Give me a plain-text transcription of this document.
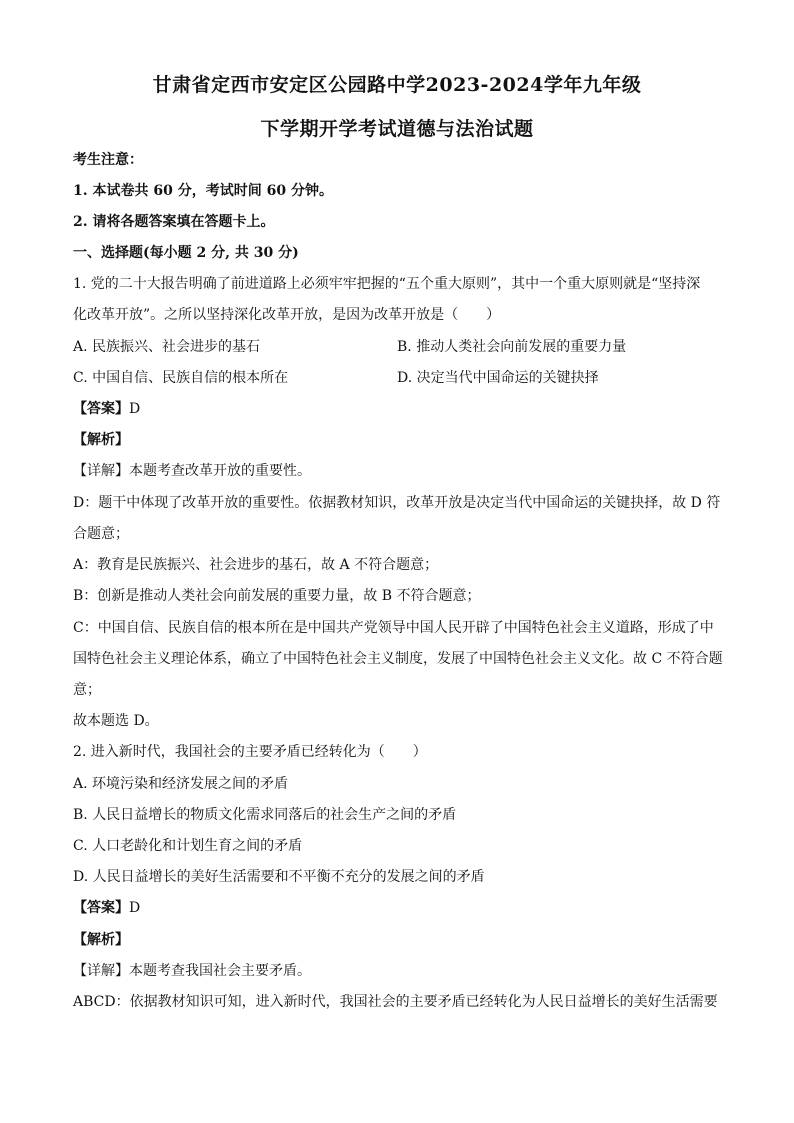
甘肃省定西市安定区公园路中学2023-2024学年九年级
下学期开学考试道德与法治试题
考生注意：
1. 本试卷共 60 分，考试时间 60 分钟。
2. 请将各题答案填在答题卡上。
一、选择题(每小题 2 分, 共 30 分)
1. 党的二十大报告明确了前进道路上必须牢牢把握的“五个重大原则”，其中一个重大原则就是“坚持深
化改革开放”。之所以坚持深化改革开放，是因为改革开放是（　　）
A. 民族振兴、社会进步的基石	B. 推动人类社会向前发展的重要力量
C. 中国自信、民族自信的根本所在	D. 决定当代中国命运的关键抉择
【答案】D
【解析】
【详解】本题考查改革开放的重要性。
D：题干中体现了改革开放的重要性。依据教材知识，改革开放是决定当代中国命运的关键抉择，故 D 符
合题意；
A：教育是民族振兴、社会进步的基石，故 A 不符合题意；
B：创新是推动人类社会向前发展的重要力量，故 B 不符合题意；
C：中国自信、民族自信的根本所在是中国共产党领导中国人民开辟了中国特色社会主义道路，形成了中
国特色社会主义理论体系，确立了中国特色社会主义制度，发展了中国特色社会主义文化。故 C 不符合题
意；
故本题选 D。
2. 进入新时代，我国社会的主要矛盾已经转化为（　　）
A. 环境污染和经济发展之间的矛盾
B. 人民日益增长的物质文化需求同落后的社会生产之间的矛盾
C. 人口老龄化和计划生育之间的矛盾
D. 人民日益增长的美好生活需要和不平衡不充分的发展之间的矛盾
【答案】D
【解析】
【详解】本题考查我国社会主要矛盾。
ABCD：依据教材知识可知，进入新时代，我国社会的主要矛盾已经转化为人民日益增长的美好生活需要
